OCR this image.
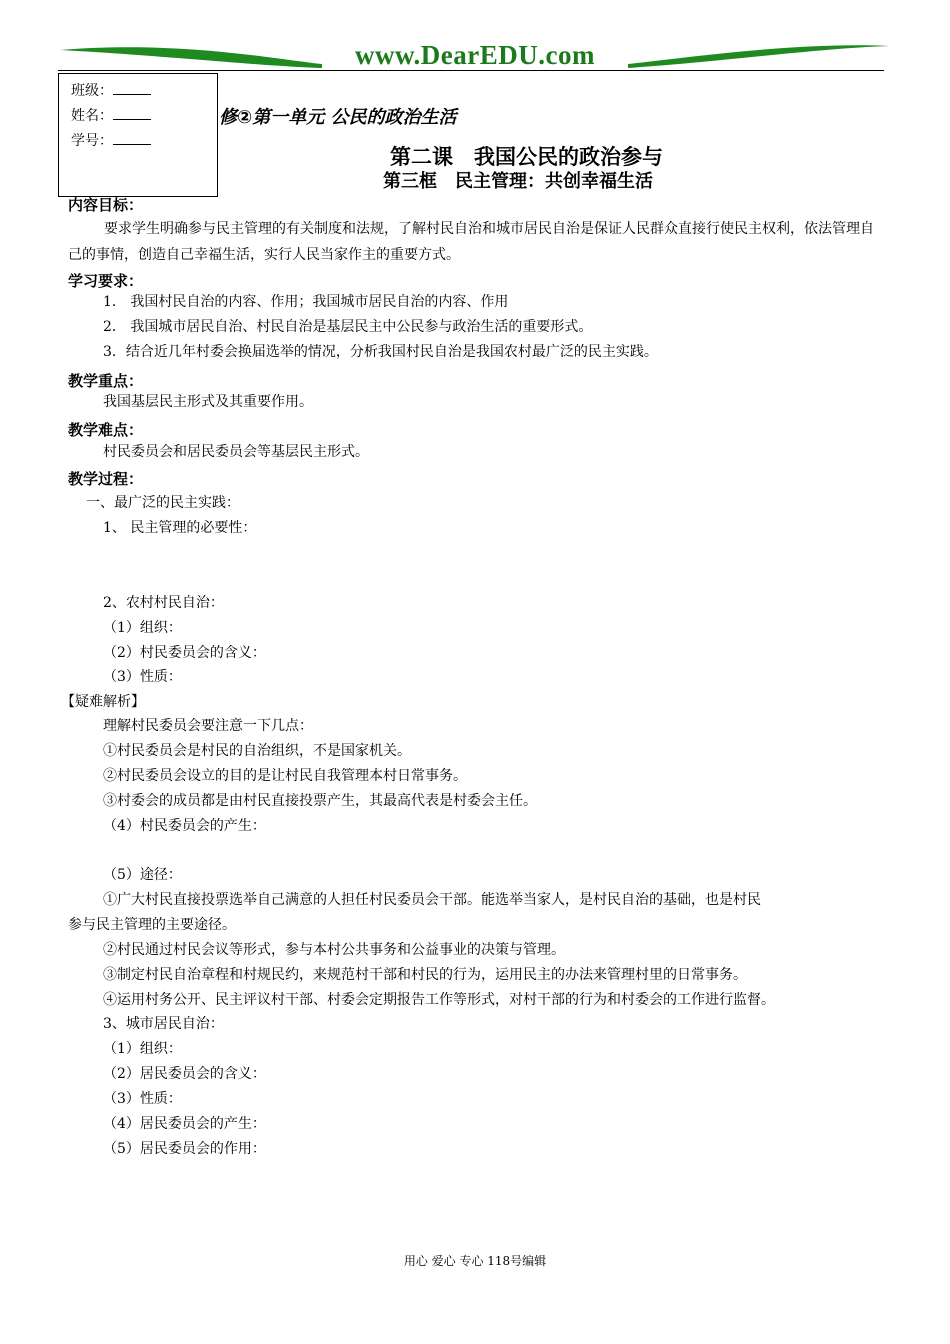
www.DearEDU.com
班级：
姓名：
学号：
修②第一单元 公民的政治生活
第二课　我国公民的政治参与
第三框　民主管理：共创幸福生活
内容目标：
要求学生明确参与民主管理的有关制度和法规，了解村民自治和城市居民自治是保证人民群众直接行使民主权利，依法管理自己的事情，创造自己幸福生活，实行人民当家作主的重要方式。
学习要求：
1． 我国村民自治的内容、作用；我国城市居民自治的内容、作用
2． 我国城市居民自治、村民自治是基层民主中公民参与政治生活的重要形式。
3．结合近几年村委会换届选举的情况，分析我国村民自治是我国农村最广泛的民主实践。
教学重点：
我国基层民主形式及其重要作用。
教学难点：
村民委员会和居民委员会等基层民主形式。
教学过程：
一、最广泛的民主实践：
1、 民主管理的必要性：
2、农村村民自治：
（1）组织：
（2）村民委员会的含义：
（3）性质：
【疑难解析】
理解村民委员会要注意一下几点：
①村民委员会是村民的自治组织，不是国家机关。
②村民委员会设立的目的是让村民自我管理本村日常事务。
③村委会的成员都是由村民直接投票产生，其最高代表是村委会主任。
（4）村民委员会的产生：
（5）途径：
①广大村民直接投票选举自己满意的人担任村民委员会干部。能选举当家人，是村民自治的基础，也是村民
参与民主管理的主要途径。
②村民通过村民会议等形式，参与本村公共事务和公益事业的决策与管理。
③制定村民自治章程和村规民约，来规范村干部和村民的行为，运用民主的办法来管理村里的日常事务。
④运用村务公开、民主评议村干部、村委会定期报告工作等形式，对村干部的行为和村委会的工作进行监督。
3、城市居民自治：
（1）组织：
（2）居民委员会的含义：
（3）性质：
（4）居民委员会的产生：
（5）居民委员会的作用：
用心 爱心 专心 118号编辑
